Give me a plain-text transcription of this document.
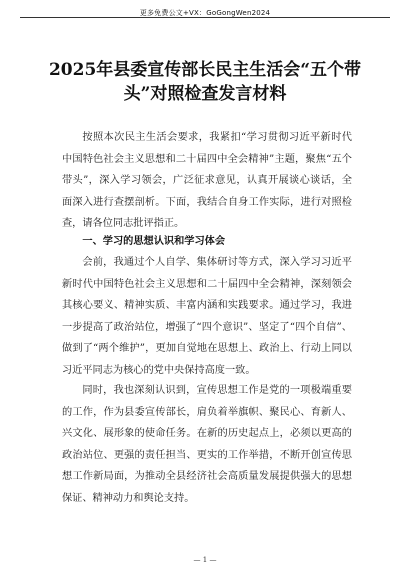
更多免费公文+VX：GoGongWen2024
2025年县委宣传部长民主生活会“五个带头”对照检查发言材料

按照本次民主生活会要求，我紧扣“学习贯彻习近平新时代中国特色社会主义思想和二十届四中全会精神”主题，聚焦“五个带头”，深入学习领会，广泛征求意见，认真开展谈心谈话，全面深入进行查摆剖析。下面，我结合自身工作实际，进行对照检查，请各位同志批评指正。

一、学习的思想认识和学习体会

会前，我通过个人自学、集体研讨等方式，深入学习习近平新时代中国特色社会主义思想和二十届四中全会精神，深刻领会其核心要义、精神实质、丰富内涵和实践要求。通过学习，我进一步提高了政治站位，增强了“四个意识”、坚定了“四个自信”、做到了“两个维护”，更加自觉地在思想上、政治上、行动上同以习近平同志为核心的党中央保持高度一致。

同时，我也深刻认识到，宣传思想工作是党的一项极端重要的工作，作为县委宣传部长，肩负着举旗帜、聚民心、育新人、兴文化、展形象的使命任务。在新的历史起点上，必须以更高的政治站位、更强的责任担当、更实的工作举措，不断开创宣传思想工作新局面，为推动全县经济社会高质量发展提供强大的思想保证、精神动力和舆论支持。

— 1 —
